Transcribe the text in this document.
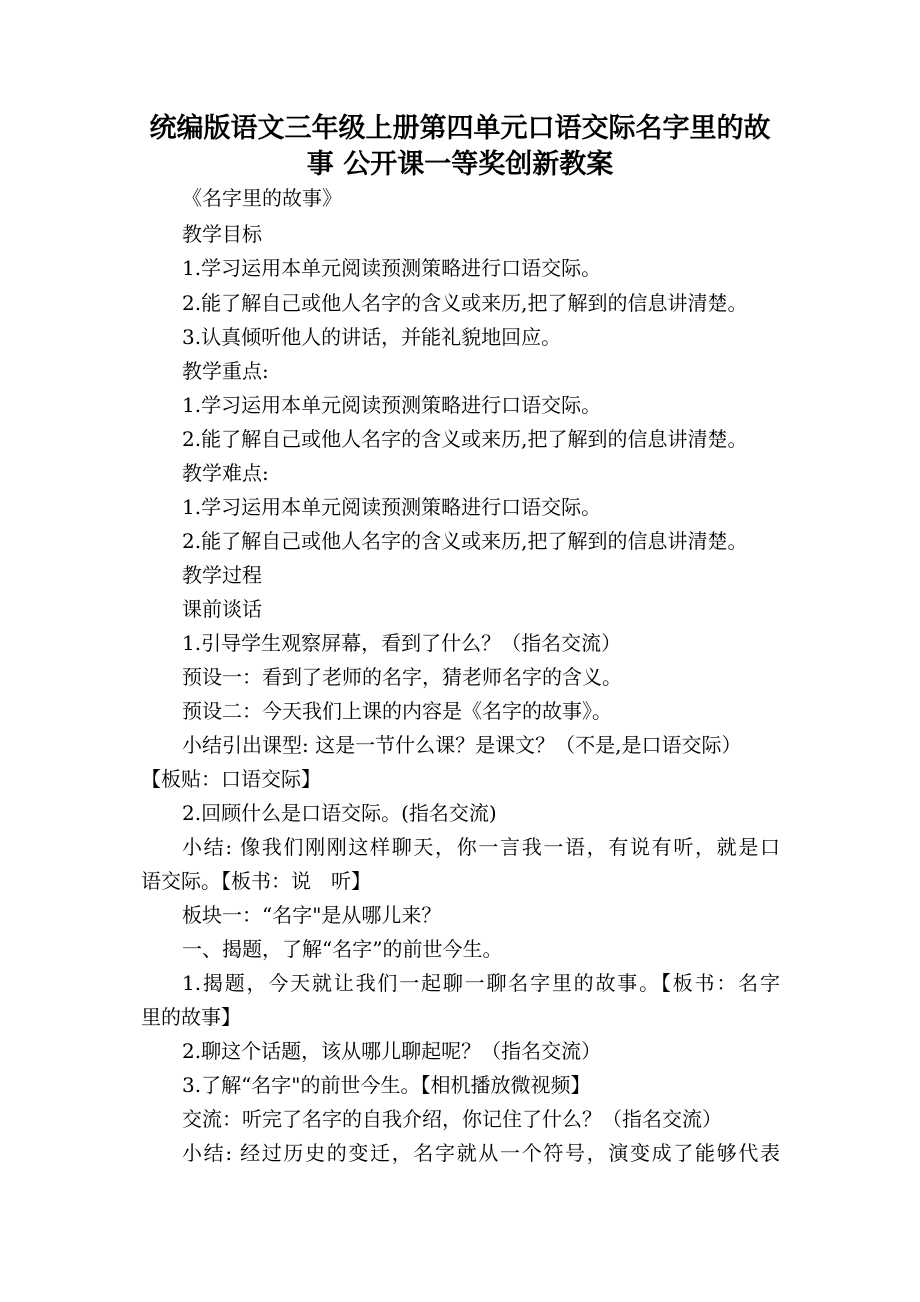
统编版语文三年级上册第四单元口语交际名字里的故
事 公开课一等奖创新教案
《名字里的故事》
教学目标
1.学习运用本单元阅读预测策略进行口语交际。
2.能了解自己或他人名字的含义或来历,把了解到的信息讲清楚。
3.认真倾听他人的讲话，并能礼貌地回应。
教学重点:
1.学习运用本单元阅读预测策略进行口语交际。
2.能了解自己或他人名字的含义或来历,把了解到的信息讲清楚。
教学难点:
1.学习运用本单元阅读预测策略进行口语交际。
2.能了解自己或他人名字的含义或来历,把了解到的信息讲清楚。
教学过程
课前谈话
1.引导学生观察屏幕，看到了什么？（指名交流）
预设一：看到了老师的名字，猜老师名字的含义。
预设二：今天我们上课的内容是《名字的故事》。
小结引出课型: 这是一节什么课？是课文？（不是,是口语交际）
【板贴：口语交际】
2.回顾什么是口语交际。(指名交流)
小结: 像我们刚刚这样聊天，你一言我一语，有说有听，就是口
语交际。【板书：说　听】
板块一：“名字"是从哪儿来？
一、揭题，了解“名字”的前世今生。
1.揭题，今天就让我们一起聊一聊名字里的故事。【板书：名字
里的故事】
2.聊这个话题，该从哪儿聊起呢？（指名交流）
3.了解“名字"的前世今生。【相机播放微视频】
交流：听完了名字的自我介绍，你记住了什么？（指名交流）
小结: 经过历史的变迁，名字就从一个符号，演变成了能够代表
